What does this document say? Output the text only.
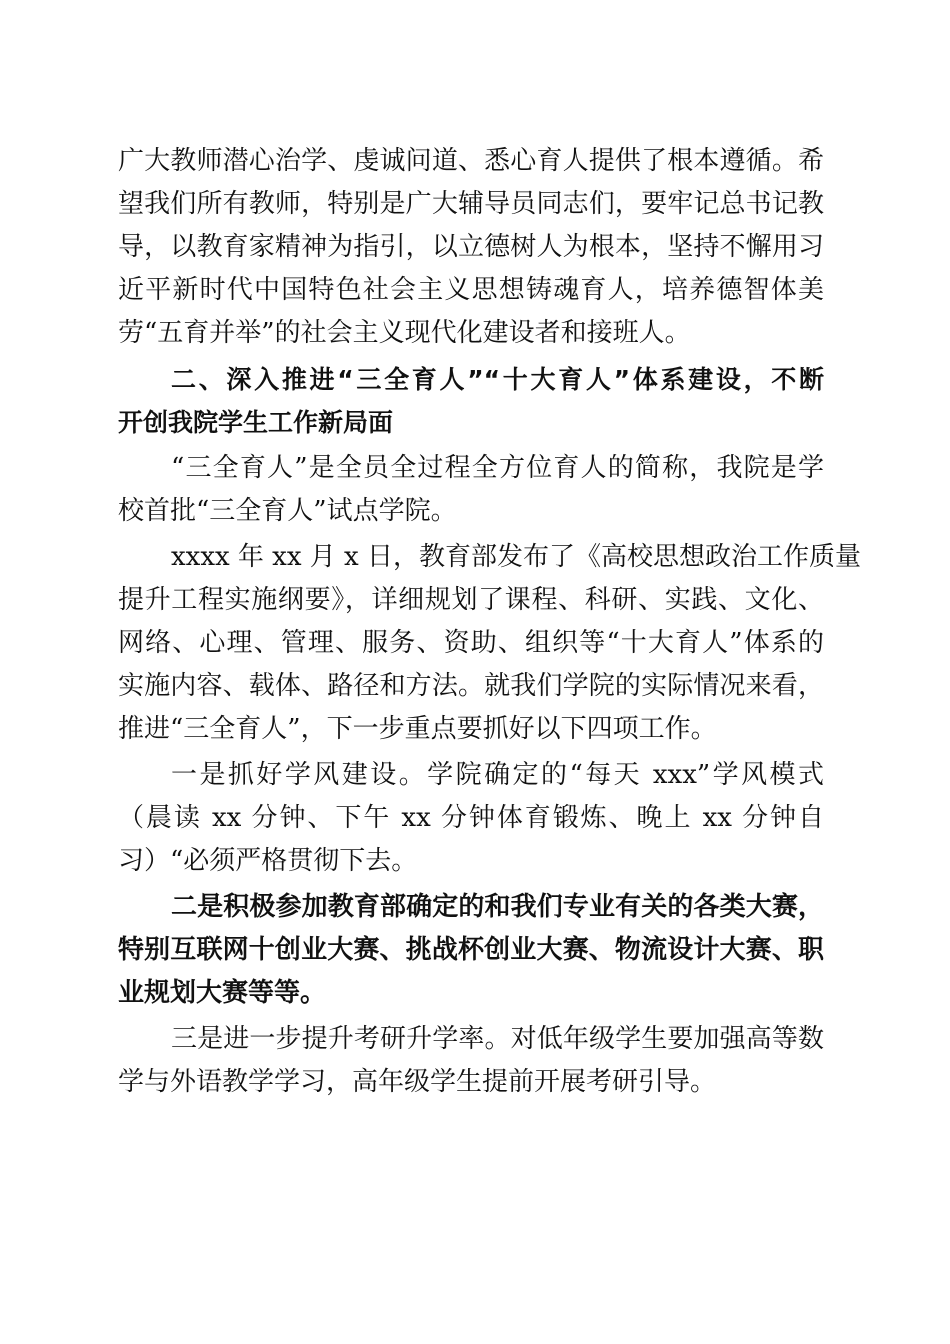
广大教师潜心治学、虔诚问道、悉心育人提供了根本遵循。希
望我们所有教师，特别是广大辅导员同志们，要牢记总书记教
导，以教育家精神为指引，以立德树人为根本，坚持不懈用习
近平新时代中国特色社会主义思想铸魂育人，培养德智体美
劳“五育并举”的社会主义现代化建设者和接班人。
二、深入推进“三全育人”“十大育人”体系建设，不断
开创我院学生工作新局面
“三全育人”是全员全过程全方位育人的简称，我院是学
校首批“三全育人”试点学院。
xxxx 年 xx 月 x 日，教育部发布了《高校思想政治工作质量
提升工程实施纲要》，详细规划了课程、科研、实践、文化、
网络、心理、管理、服务、资助、组织等“十大育人”体系的
实施内容、载体、路径和方法。就我们学院的实际情况来看，
推进“三全育人”，下一步重点要抓好以下四项工作。
一是抓好学风建设。学院确定的“每天 xxx”学风模式
（晨读 xx 分钟、下午 xx 分钟体育锻炼、晚上 xx 分钟自
习）“必须严格贯彻下去。
二是积极参加教育部确定的和我们专业有关的各类大赛，
特别互联网十创业大赛、挑战杯创业大赛、物流设计大赛、职
业规划大赛等等。
三是进一步提升考研升学率。对低年级学生要加强高等数
学与外语教学学习，高年级学生提前开展考研引导。
